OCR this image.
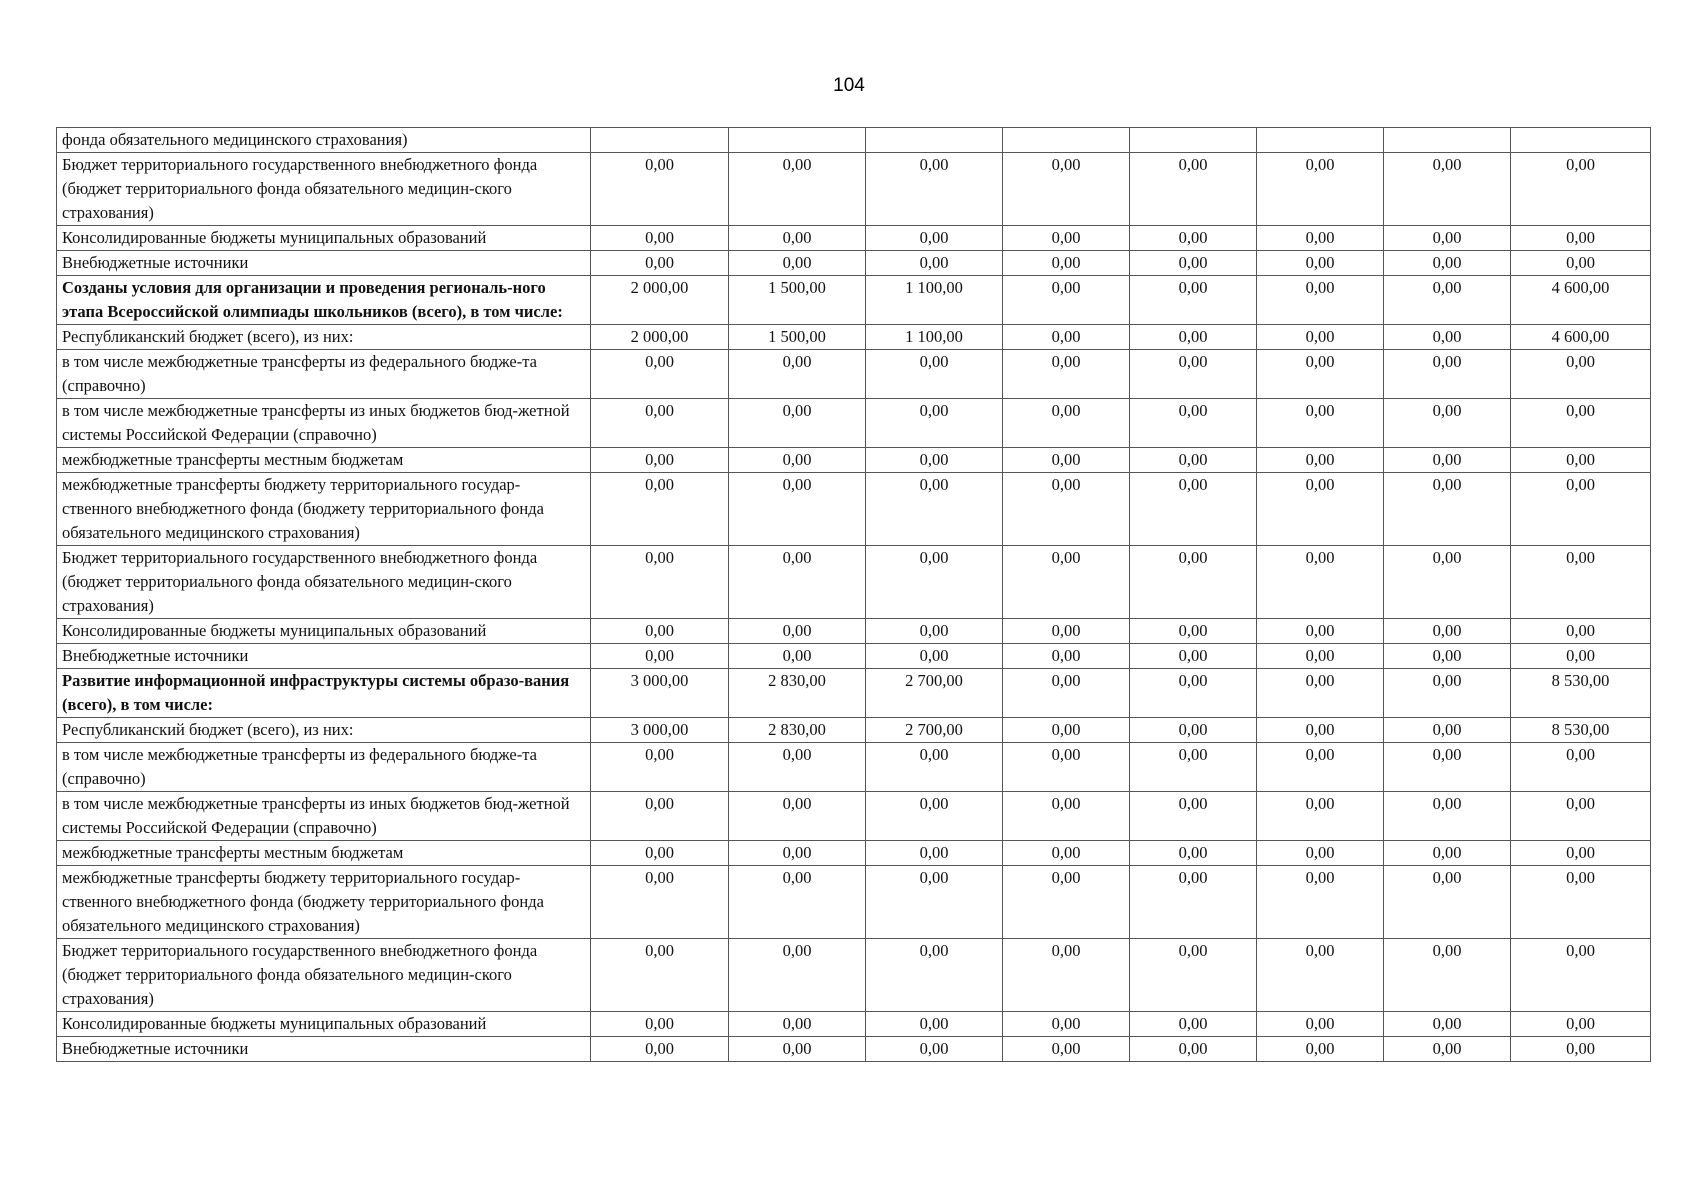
104
фонда обязательного медицинского страхования)								
Бюджет территориального государственного внебюджетного фонда (бюджет территориального фонда обязательного медицин-ского страхования)	0,00	0,00	0,00	0,00	0,00	0,00	0,00	0,00
Консолидированные бюджеты муниципальных образований	0,00	0,00	0,00	0,00	0,00	0,00	0,00	0,00
Внебюджетные источники	0,00	0,00	0,00	0,00	0,00	0,00	0,00	0,00
Созданы условия для организации и проведения региональ-ного этапа Всероссийской олимпиады школьников (всего), в том числе:	2 000,00	1 500,00	1 100,00	0,00	0,00	0,00	0,00	4 600,00
Республиканский бюджет (всего), из них:	2 000,00	1 500,00	1 100,00	0,00	0,00	0,00	0,00	4 600,00
в том числе межбюджетные трансферты из федерального бюдже-та (справочно)	0,00	0,00	0,00	0,00	0,00	0,00	0,00	0,00
в том числе межбюджетные трансферты из иных бюджетов бюд-жетной системы Российской Федерации (справочно)	0,00	0,00	0,00	0,00	0,00	0,00	0,00	0,00
межбюджетные трансферты местным бюджетам	0,00	0,00	0,00	0,00	0,00	0,00	0,00	0,00
межбюджетные трансферты бюджету территориального государ-ственного внебюджетного фонда (бюджету территориального фонда обязательного медицинского страхования)	0,00	0,00	0,00	0,00	0,00	0,00	0,00	0,00
Бюджет территориального государственного внебюджетного фонда (бюджет территориального фонда обязательного медицин-ского страхования)	0,00	0,00	0,00	0,00	0,00	0,00	0,00	0,00
Консолидированные бюджеты муниципальных образований	0,00	0,00	0,00	0,00	0,00	0,00	0,00	0,00
Внебюджетные источники	0,00	0,00	0,00	0,00	0,00	0,00	0,00	0,00
Развитие информационной инфраструктуры системы образо-вания (всего), в том числе:	3 000,00	2 830,00	2 700,00	0,00	0,00	0,00	0,00	8 530,00
Республиканский бюджет (всего), из них:	3 000,00	2 830,00	2 700,00	0,00	0,00	0,00	0,00	8 530,00
в том числе межбюджетные трансферты из федерального бюдже-та (справочно)	0,00	0,00	0,00	0,00	0,00	0,00	0,00	0,00
в том числе межбюджетные трансферты из иных бюджетов бюд-жетной системы Российской Федерации (справочно)	0,00	0,00	0,00	0,00	0,00	0,00	0,00	0,00
межбюджетные трансферты местным бюджетам	0,00	0,00	0,00	0,00	0,00	0,00	0,00	0,00
межбюджетные трансферты бюджету территориального государ-ственного внебюджетного фонда (бюджету территориального фонда обязательного медицинского страхования)	0,00	0,00	0,00	0,00	0,00	0,00	0,00	0,00
Бюджет территориального государственного внебюджетного фонда (бюджет территориального фонда обязательного медицин-ского страхования)	0,00	0,00	0,00	0,00	0,00	0,00	0,00	0,00
Консолидированные бюджеты муниципальных образований	0,00	0,00	0,00	0,00	0,00	0,00	0,00	0,00
Внебюджетные источники	0,00	0,00	0,00	0,00	0,00	0,00	0,00	0,00
